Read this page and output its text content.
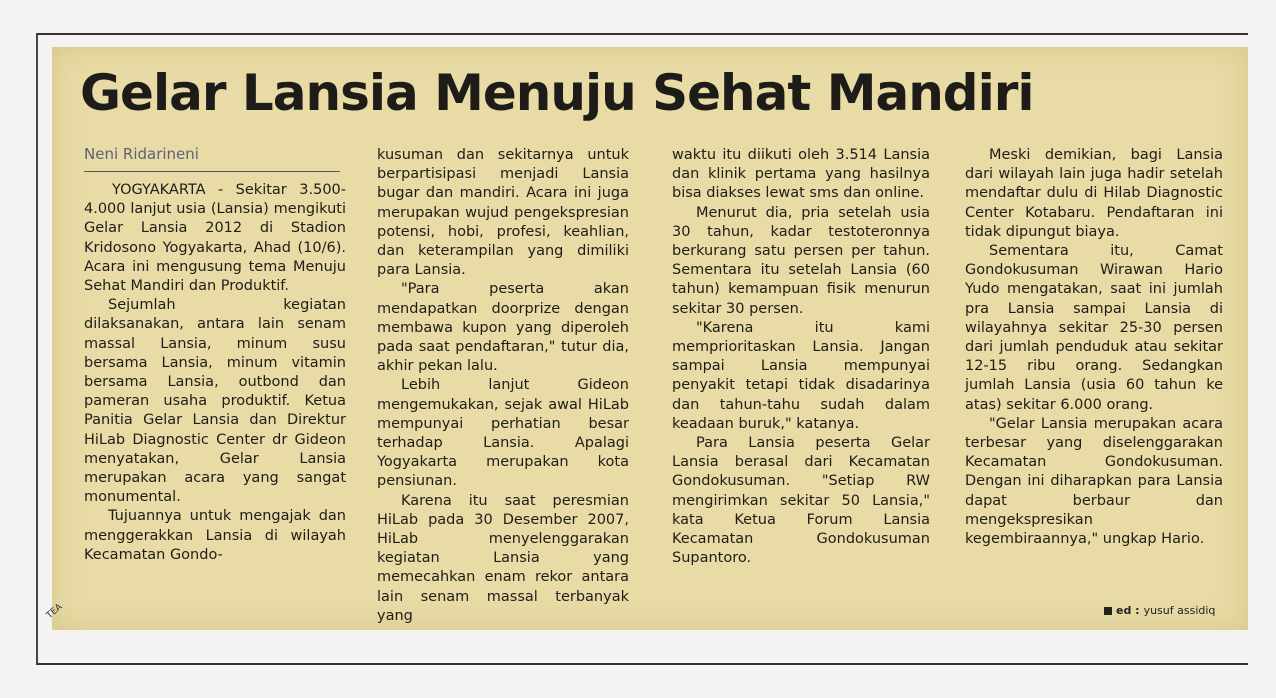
Gelar Lansia Menuju Sehat Mandiri

Neni Ridarineni

YOGYAKARTA - Sekitar 3.500-4.000 lanjut usia (Lansia) mengikuti Gelar Lansia 2012 di Stadion Kridosono Yogyakarta, Ahad (10/6). Acara ini mengusung tema Menuju Sehat Mandiri dan Produktif.

Sejumlah kegiatan dilaksanakan, antara lain senam massal Lansia, minum susu bersama Lansia, minum vitamin bersama Lansia, outbond dan pameran usaha produktif. Ketua Panitia Gelar Lansia dan Direktur HiLab Diagnostic Center dr Gideon menyatakan, Gelar Lansia merupakan acara yang sangat monumental.

Tujuannya untuk mengajak dan menggerakkan Lansia di wilayah Kecamatan Gondo-

kusuman dan sekitarnya untuk berpartisipasi menjadi Lansia bugar dan mandiri. Acara ini juga merupakan wujud pengekspresian potensi, hobi, profesi, keahlian, dan keterampilan yang dimiliki para Lansia.

"Para peserta akan mendapatkan doorprize dengan membawa kupon yang diperoleh pada saat pendaftaran," tutur dia, akhir pekan lalu.

Lebih lanjut Gideon mengemukakan, sejak awal HiLab mempunyai perhatian besar terhadap Lansia. Apalagi Yogyakarta merupakan kota pensiunan.

Karena itu saat peresmian HiLab pada 30 Desember 2007, HiLab menyelenggarakan kegiatan Lansia yang memecahkan enam rekor antara lain senam massal terbanyak yang

waktu itu diikuti oleh 3.514 Lansia dan klinik pertama yang hasilnya bisa diakses lewat sms dan online.

Menurut dia, pria setelah usia 30 tahun, kadar testoteronnya berkurang satu persen per tahun. Sementara itu setelah Lansia (60 tahun) kemampuan fisik menurun sekitar 30 persen.

"Karena itu kami memprioritaskan Lansia. Jangan sampai Lansia mempunyai penyakit tetapi tidak disadarinya dan tahun-tahu sudah dalam keadaan buruk," katanya.

Para Lansia peserta Gelar Lansia berasal dari Kecamatan Gondokusuman. "Setiap RW mengirimkan sekitar 50 Lansia," kata Ketua Forum Lansia Kecamatan Gondokusuman Supantoro.

Meski demikian, bagi Lansia dari wilayah lain juga hadir setelah mendaftar dulu di Hilab Diagnostic Center Kotabaru. Pendaftaran ini tidak dipungut biaya.

Sementara itu, Camat Gondokusuman Wirawan Hario Yudo mengatakan, saat ini jumlah pra Lansia sampai Lansia di wilayahnya sekitar 25-30 persen dari jumlah penduduk atau sekitar 12-15 ribu orang. Sedangkan jumlah Lansia (usia 60 tahun ke atas) sekitar 6.000 orang.

"Gelar Lansia merupakan acara terbesar yang diselenggarakan Kecamatan Gondokusuman. Dengan ini diharapkan para Lansia dapat berbaur dan mengekspresikan kegembiraannya," ungkap Hario.

ed : yusuf assidiq
TEA
